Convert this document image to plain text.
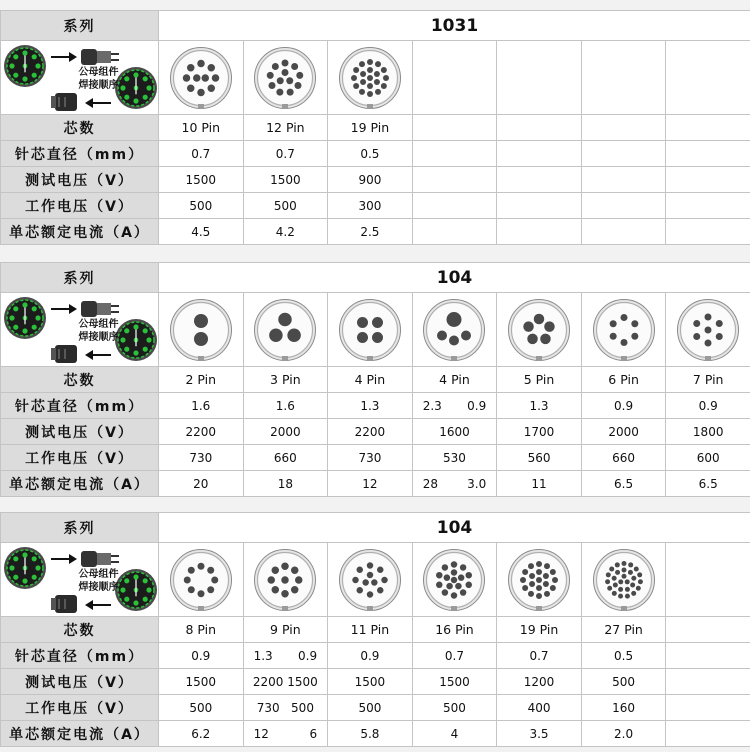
系列	1031						

公母组件
焊接顺序

芯数	10 Pin	12 Pin	19 Pin				
针芯直径（mm）	0.7	0.7	0.5				
测试电压（V）	1500	1500	900				
工作电压（V）	500	500	300				
单芯额定电流（A）	4.5	4.2	2.5				
系列	104						

公母组件
焊接顺序

芯数	2 Pin	3 Pin	4 Pin	4 Pin	5 Pin	6 Pin	7 Pin
针芯直径（mm）	1.6	1.6	1.3	2.3 0.9	1.3	0.9	0.9
测试电压（V）	2200	2000	2200	1600	1700	2000	1800
工作电压（V）	730	660	730	530	560	660	600
单芯额定电流（A）	20	18	12	28 3.0	11	6.5	6.5
系列	104						

公母组件
焊接顺序

芯数	8 Pin	9 Pin	11 Pin	16 Pin	19 Pin	27 Pin	
针芯直径（mm）	0.9	1.3 0.9	0.9	0.7	0.7	0.5	
测试电压（V）	1500	2200 1500	1500	1500	1200	500	
工作电压（V）	500	730   500	500	500	400	160	
单芯额定电流（A）	6.2	12 6	5.8	4	3.5	2.0	
